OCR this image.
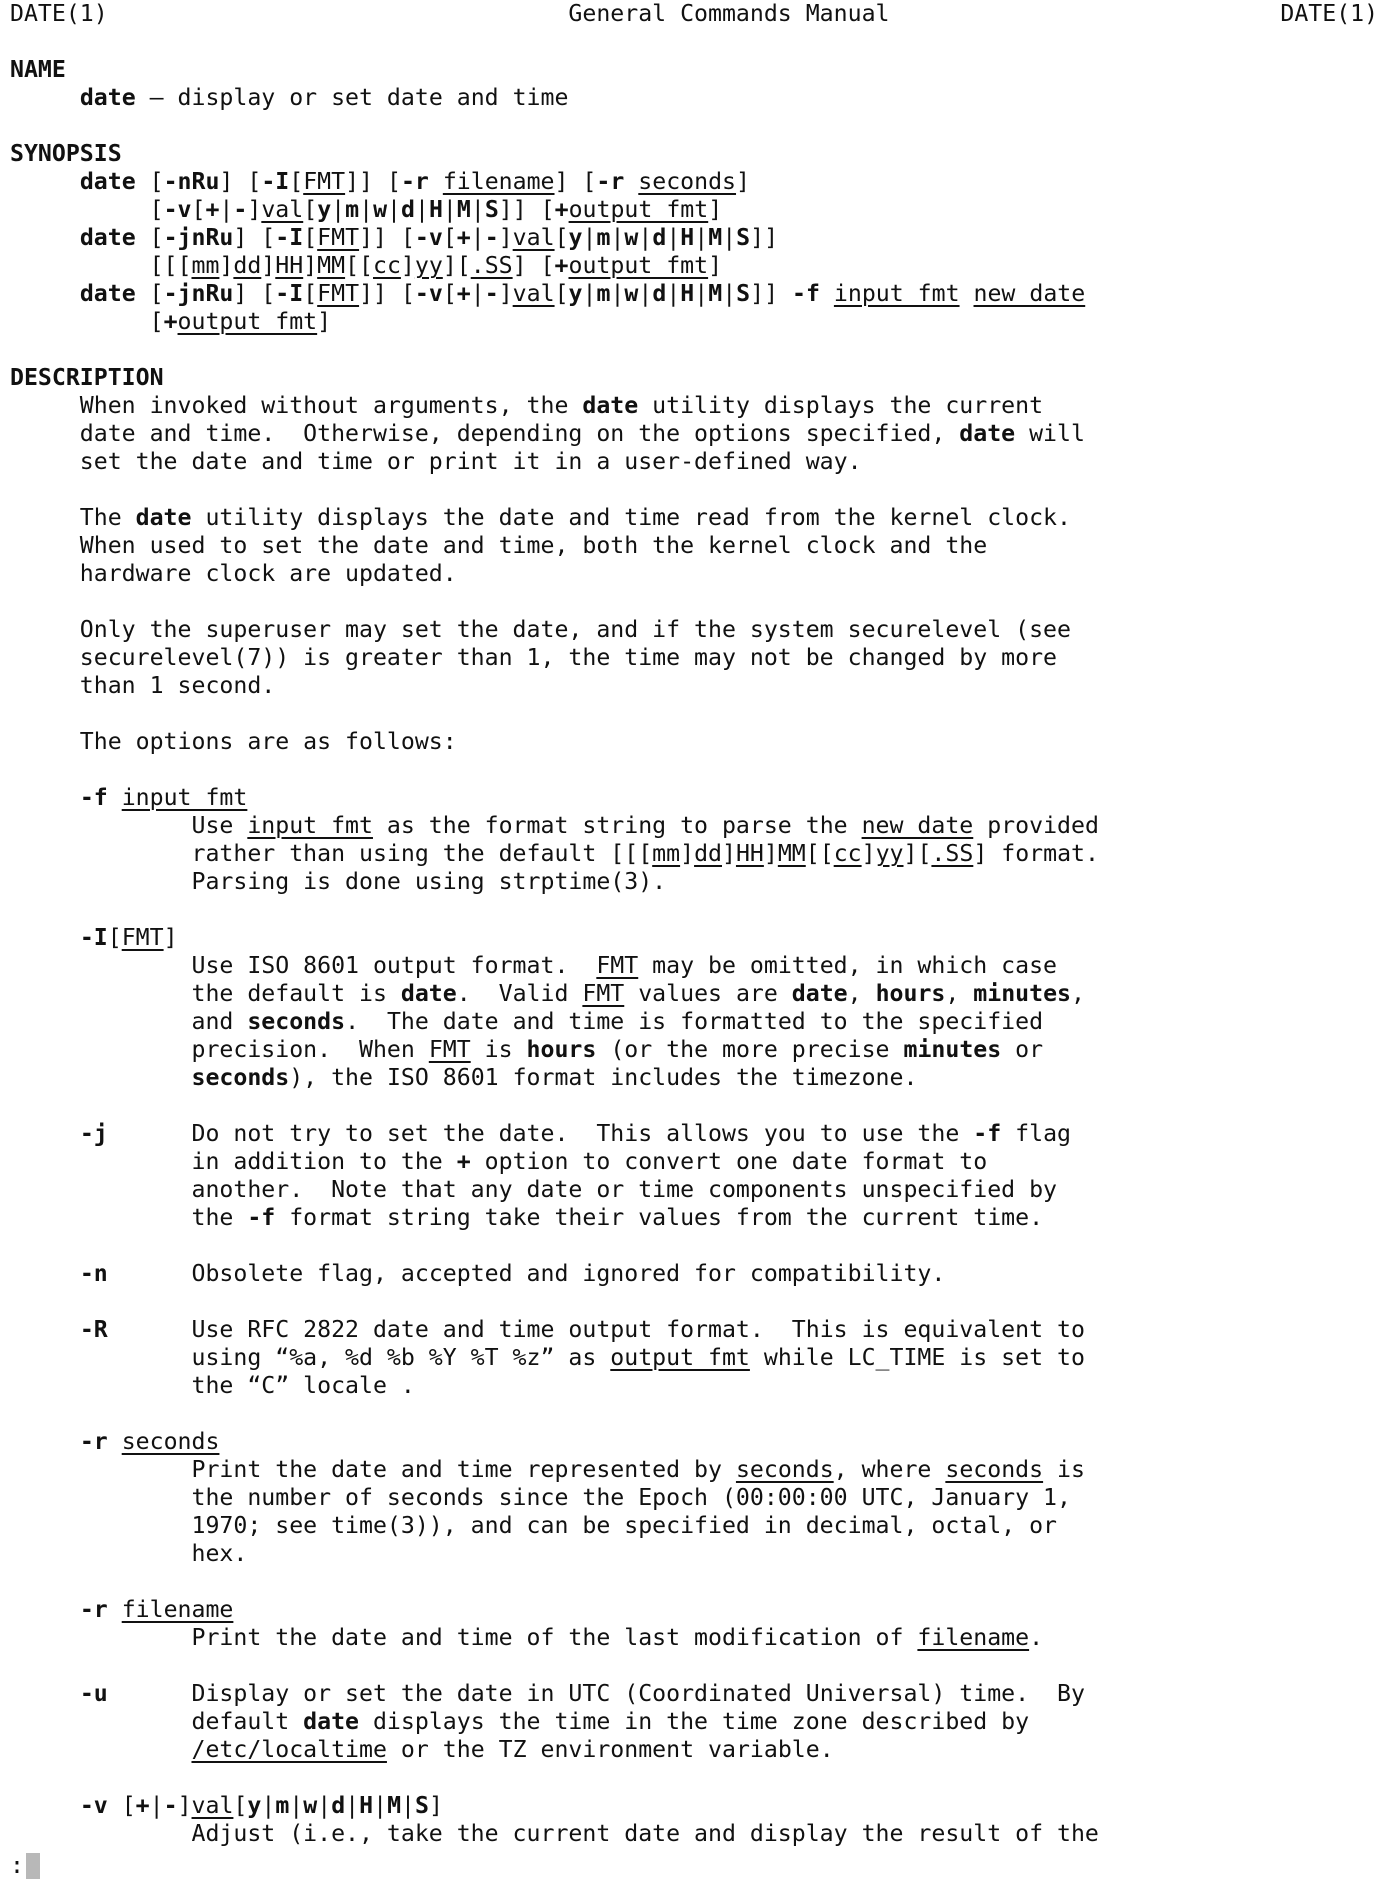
DATE(1)                                 General Commands Manual                            DATE(1)
NAME
date – display or set date and time
SYNOPSIS
date [-nRu] [-I[FMT]] [-r filename] [-r seconds]
[-v[+|-]val[y|m|w|d|H|M|S]] [+output_fmt]
date [-jnRu] [-I[FMT]] [-v[+|-]val[y|m|w|d|H|M|S]]
[[[mm]dd]HH]MM[[cc]yy][.SS] [+output_fmt]
date [-jnRu] [-I[FMT]] [-v[+|-]val[y|m|w|d|H|M|S]] -f input_fmt new_date
[+output_fmt]
DESCRIPTION
When invoked without arguments, the date utility displays the current
date and time.  Otherwise, depending on the options specified, date will
set the date and time or print it in a user-defined way.
The date utility displays the date and time read from the kernel clock.
When used to set the date and time, both the kernel clock and the
hardware clock are updated.
Only the superuser may set the date, and if the system securelevel (see
securelevel(7)) is greater than 1, the time may not be changed by more
than 1 second.
The options are as follows:
-f input_fmt
Use input_fmt as the format string to parse the new_date provided
rather than using the default [[[mm]dd]HH]MM[[cc]yy][.SS] format.
Parsing is done using strptime(3).
-I[FMT]
Use ISO 8601 output format.  FMT may be omitted, in which case
the default is date.  Valid FMT values are date, hours, minutes,
and seconds.  The date and time is formatted to the specified
precision.  When FMT is hours (or the more precise minutes or
seconds), the ISO 8601 format includes the timezone.
-j      Do not try to set the date.  This allows you to use the -f flag
in addition to the + option to convert one date format to
another.  Note that any date or time components unspecified by
the -f format string take their values from the current time.
-n      Obsolete flag, accepted and ignored for compatibility.
-R      Use RFC 2822 date and time output format.  This is equivalent to
using “%a, %d %b %Y %T %z” as output_fmt while LC_TIME is set to
the “C” locale .
-r seconds
Print the date and time represented by seconds, where seconds is
the number of seconds since the Epoch (00:00:00 UTC, January 1,
1970; see time(3)), and can be specified in decimal, octal, or
hex.
-r filename
Print the date and time of the last modification of filename.
-u      Display or set the date in UTC (Coordinated Universal) time.  By
default date displays the time in the time zone described by
/etc/localtime or the TZ environment variable.
-v [+|-]val[y|m|w|d|H|M|S]
Adjust (i.e., take the current date and display the result of the
:
